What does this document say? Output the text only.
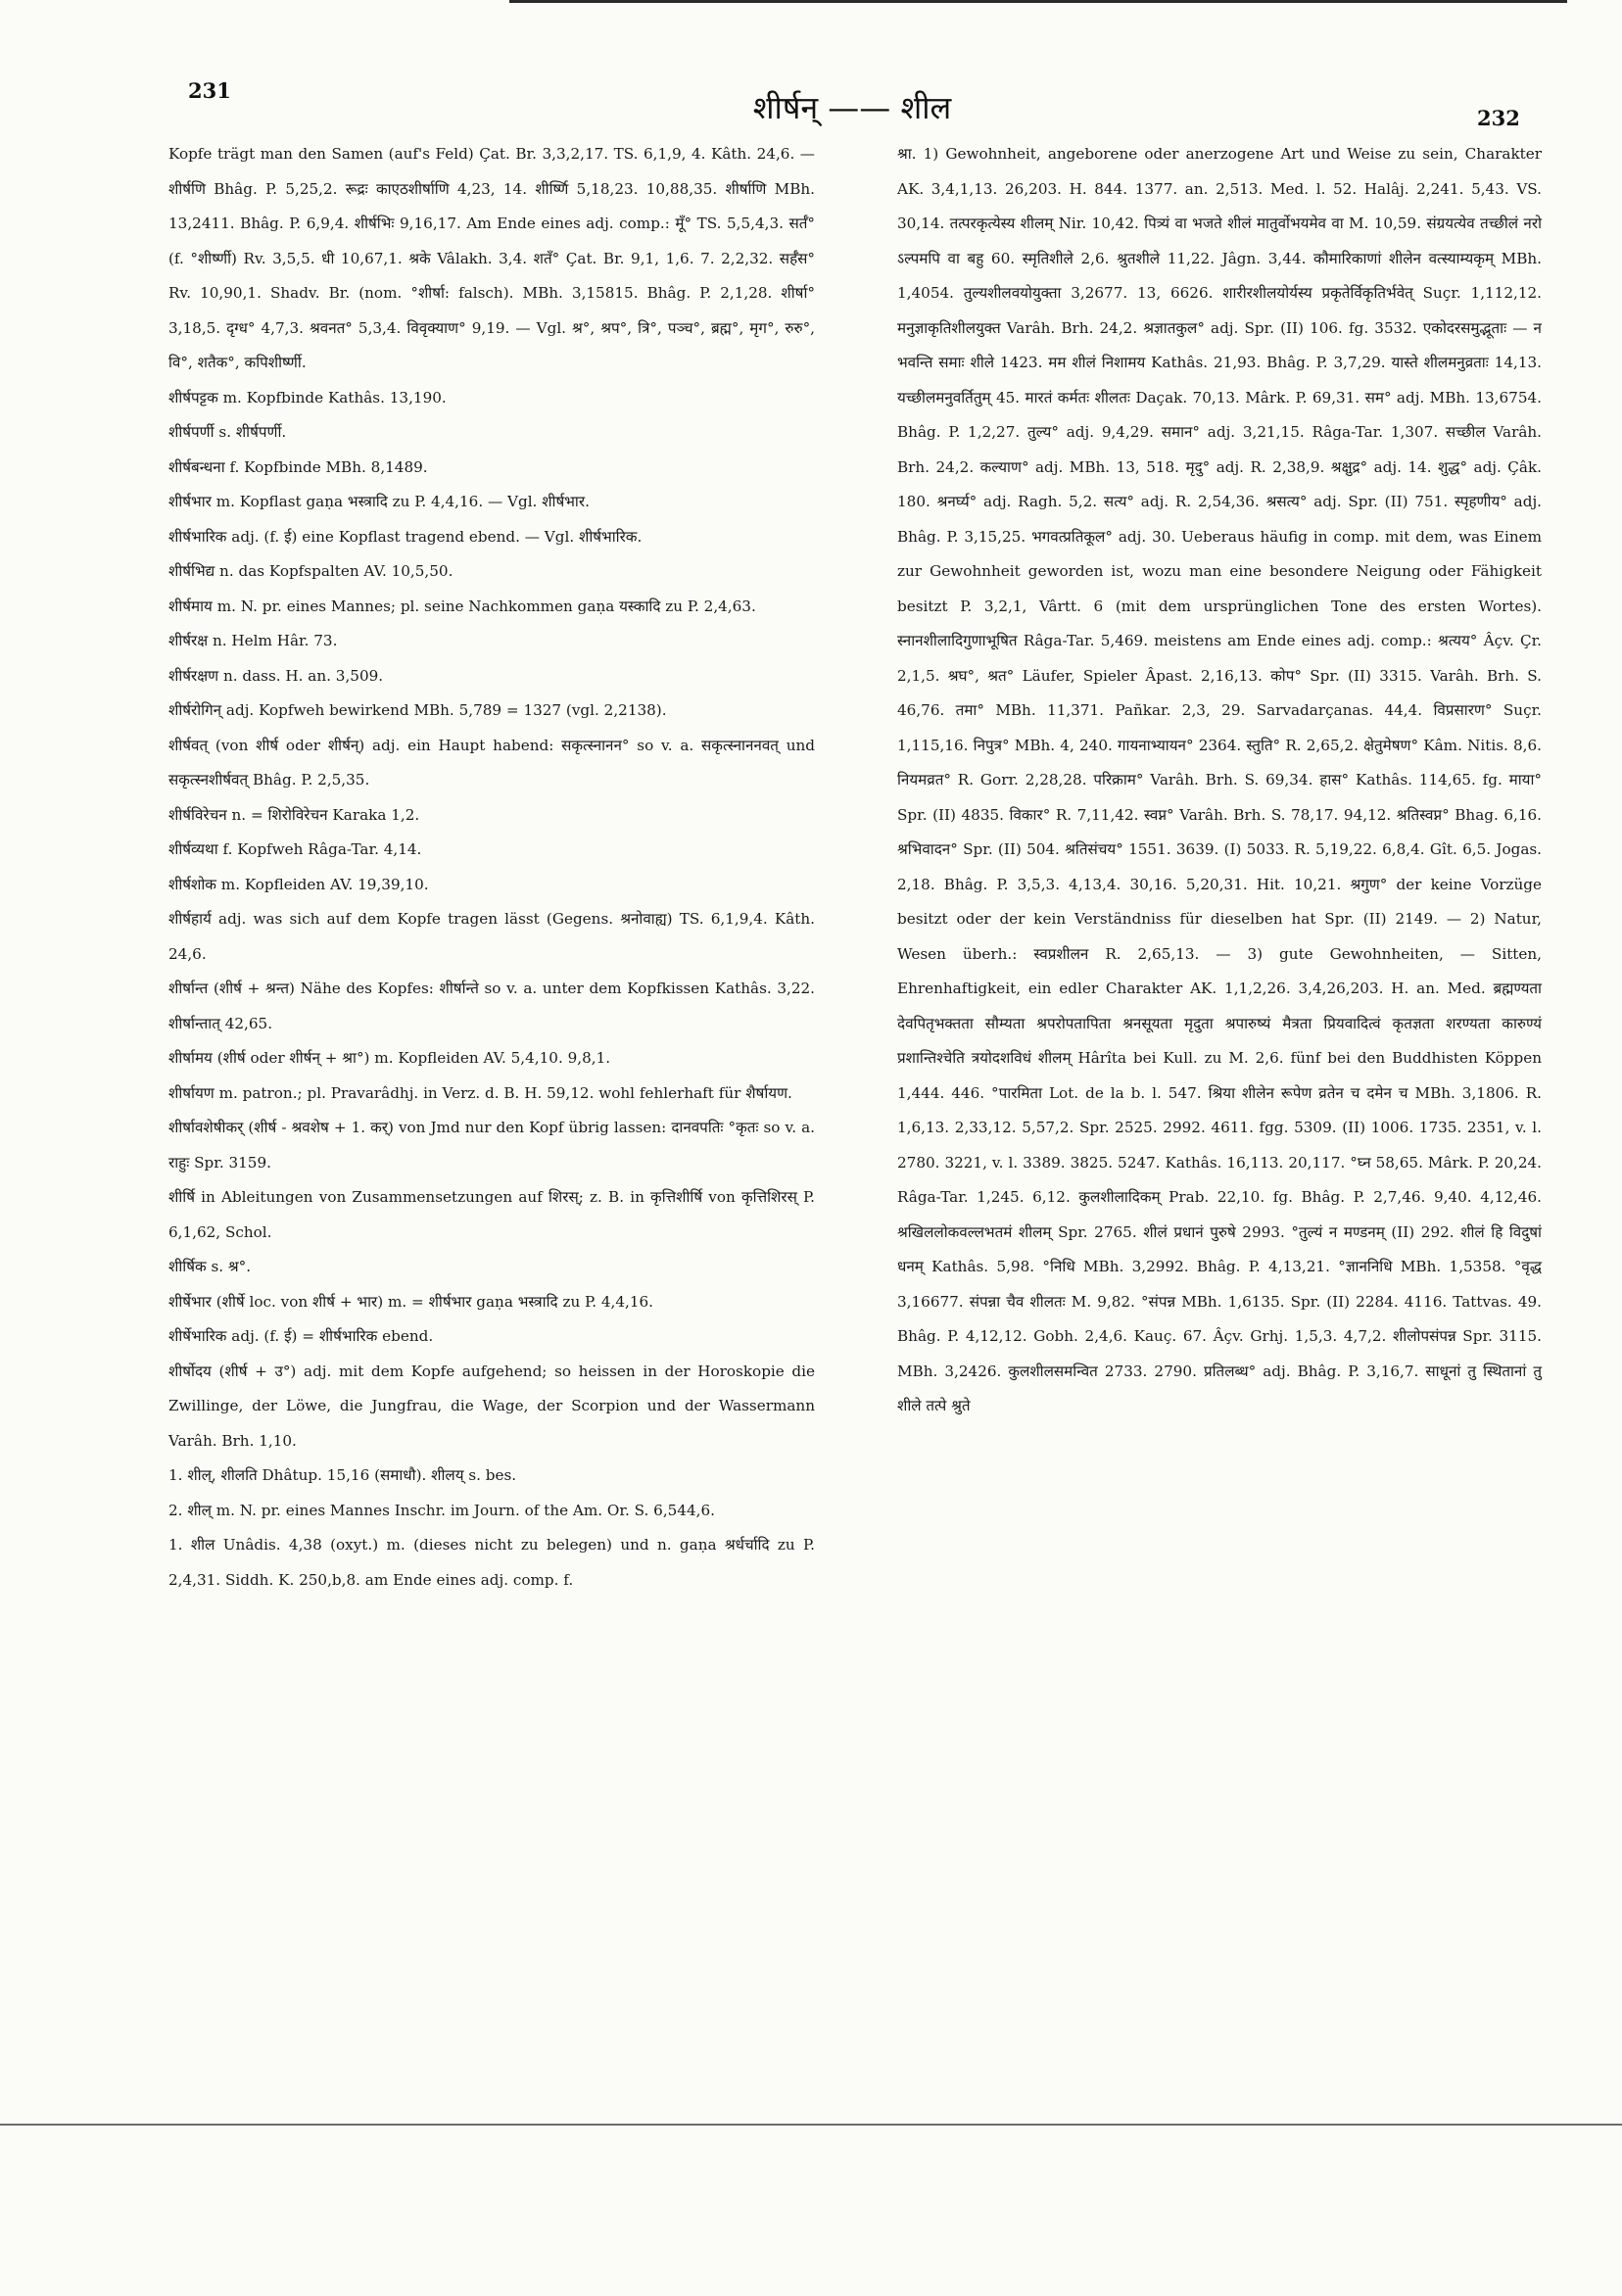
231	शीर्षन् —— शील	232

Kopfe trägt man den Samen (auf's Feld) Çat. Br. 3,3,2,17. TS. 6,1,9, 4. Kâth. 24,6. — शीर्षणि Bhâg. P. 5,25,2. रूद्रः काएठशीर्षाणि 4,23, 14. शीर्ष्णि 5,18,23. 10,88,35. शीर्षाणि MBh. 13,2411. Bhâg. P. 6,9,4. शीर्षभिः 9,16,17. Am Ende eines adj. comp.: मूँ° TS. 5,5,4,3. सर्तँ° (f. °शीर्ष्णी) Rv. 3,5,5. धी 10,67,1. श्रके Vâlakh. 3,4. शतँ° Çat. Br. 9,1, 1,6. 7. 2,2,32. सर्हँस° Rv. 10,90,1. Shadv. Br. (nom. °शीर्षा: falsch). MBh. 3,15815. Bhâg. P. 2,1,28. शीर्षा° 3,18,5. दृग्ध° 4,7,3. श्रवनत° 5,3,4. विवृक्याण° 9,19. — Vgl. श्र°, श्रप°, त्रि°, पञ्च°, ब्रह्म°, मृग°, रुरु°, वि°, शतैक°, कपिशीर्ष्णी.

शीर्षपट्टक m. Kopfbinde Kathâs. 13,190.

शीर्षपर्णी s. शीर्षपर्णी.

शीर्षबन्धना f. Kopfbinde MBh. 8,1489.

शीर्षभार m. Kopflast gaṇa भस्त्रादि zu P. 4,4,16. — Vgl. शीर्षभार.

शीर्षभारिक adj. (f. ई) eine Kopflast tragend ebend. — Vgl. शीर्षभारिक.

शीर्षभिद्य n. das Kopfspalten AV. 10,5,50.

शीर्षमाय m. N. pr. eines Mannes; pl. seine Nachkommen gaṇa यस्कादि zu P. 2,4,63.

शीर्षरक्ष n. Helm Hâr. 73.

शीर्षरक्षण n. dass. H. an. 3,509.

शीर्षरोगिन् adj. Kopfweh bewirkend MBh. 5,789 = 1327 (vgl. 2,2138).

शीर्षवत् (von शीर्ष oder शीर्षन्) adj. ein Haupt habend: सकृत्स्नानन° so v. a. सकृत्स्नाननवत् und सकृत्स्नशीर्षवत् Bhâg. P. 2,5,35.

शीर्षविरेचन n. = शिरोविरेचन Karaka 1,2.

शीर्षव्यथा f. Kopfweh Râga-Tar. 4,14.

शीर्षशोक m. Kopfleiden AV. 19,39,10.

शीर्षहार्य adj. was sich auf dem Kopfe tragen lässt (Gegens. श्रनोवाह्य) TS. 6,1,9,4. Kâth. 24,6.

शीर्षान्त (शीर्ष + श्रन्त) Nähe des Kopfes: शीर्षान्ते so v. a. unter dem Kopfkissen Kathâs. 3,22. शीर्षान्तात् 42,65.

शीर्षामय (शीर्ष oder शीर्षन् + श्रा°) m. Kopfleiden AV. 5,4,10. 9,8,1.

शीर्षायण m. patron.; pl. Pravarâdhj. in Verz. d. B. H. 59,12. wohl fehlerhaft für शैर्षायण.

शीर्षावशेषीकर् (शीर्ष - श्रवशेष + 1. कर्) von Jmd nur den Kopf übrig lassen: दानवपतिः °कृतः so v. a. राहुः Spr. 3159.

शीर्षि in Ableitungen von Zusammensetzungen auf शिरस्; z. B. in कृत्तिशीर्षि von कृत्तिशिरस् P. 6,1,62, Schol.

शीर्षिक s. श्र°.

शीर्षेभार (शीर्षे loc. von शीर्ष + भार) m. = शीर्षभार gaṇa भस्त्रादि zu P. 4,4,16.

शीर्षेभारिक adj. (f. ई) = शीर्षभारिक ebend.

शीर्षोदय (शीर्ष + उ°) adj. mit dem Kopfe aufgehend; so heissen in der Horoskopie die Zwillinge, der Löwe, die Jungfrau, die Wage, der Scorpion und der Wassermann Varâh. Brh. 1,10.

1. शील्, शीलति Dhâtup. 15,16 (समाधौ). शीलय् s. bes.

2. शील् m. N. pr. eines Mannes Inschr. im Journ. of the Am. Or. S. 6,544,6.

1. शील Unâdis. 4,38 (oxyt.) m. (dieses nicht zu belegen) und n. gaṇa श्रर्धर्चादि zu P. 2,4,31. Siddh. K. 250,b,8. am Ende eines adj. comp. f.

श्रा. 1) Gewohnheit, angeborene oder anerzogene Art und Weise zu sein, Charakter AK. 3,4,1,13. 26,203. H. 844. 1377. an. 2,513. Med. l. 52. Halâj. 2,241. 5,43. VS. 30,14. तत्परकृत्येस्य शीलम् Nir. 10,42. पित्र्यं वा भजते शीलं मातुर्वोभयमेव वा M. 10,59. संग्रयत्येव तच्छीलं नरो ऽल्पमपि वा बहु 60. स्मृतिशीले 2,6. श्रुतशीले 11,22. Jâgn. 3,44. कौमारिकाणां शीलेन वत्स्याम्यकृम् MBh. 1,4054. तुल्यशीलवयोयुक्ता 3,2677. 13, 6626. शारीरशीलयोर्यस्य प्रकृतेर्विकृतिर्भवेत् Suçr. 1,112,12. मनुज्ञाकृतिशीलयुक्त Varâh. Brh. 24,2. श्रज्ञातकुल° adj. Spr. (II) 106. fg. 3532. एकोदरसमुद्भूताः — न भवन्ति समाः शीले 1423. मम शीलं निशामय Kathâs. 21,93. Bhâg. P. 3,7,29. यास्ते शीलमनुव्रताः 14,13. यच्छीलमनुवर्तितुम् 45. मारतं कर्मतः शीलतः Daçak. 70,13. Mârk. P. 69,31. सम° adj. MBh. 13,6754. Bhâg. P. 1,2,27. तुल्य° adj. 9,4,29. समान° adj. 3,21,15. Râga-Tar. 1,307. सच्छील Varâh. Brh. 24,2. कल्याण° adj. MBh. 13, 518. मृदु° adj. R. 2,38,9. श्रक्षुद्र° adj. 14. शुद्ध° adj. Çâk. 180. श्रनर्घ्य° adj. Ragh. 5,2. सत्य° adj. R. 2,54,36. श्रसत्य° adj. Spr. (II) 751. स्पृहणीय° adj. Bhâg. P. 3,15,25. भगवत्प्रतिकूल° adj. 30. Ueberaus häufig in comp. mit dem, was Einem zur Gewohnheit geworden ist, wozu man eine besondere Neigung oder Fähigkeit besitzt P. 3,2,1, Vârtt. 6 (mit dem ursprünglichen Tone des ersten Wortes). स्नानशीलादिगुणाभूषित Râga-Tar. 5,469. meistens am Ende eines adj. comp.: श्रत्यय° Âçv. Çr. 2,1,5. श्रघ°, श्रत° Läufer, Spieler Âpast. 2,16,13. कोप° Spr. (II) 3315. Varâh. Brh. S. 46,76. तमा° MBh. 11,371. Pañkar. 2,3, 29. Sarvadarçanas. 44,4. विप्रसारण° Suçr. 1,115,16. निपुत्र° MBh. 4, 240. गायनाभ्यायन° 2364. स्तुति° R. 2,65,2. क्षेतुमेषण° Kâm. Nitis. 8,6. नियमव्रत° R. Gorr. 2,28,28. परिक्राम° Varâh. Brh. S. 69,34. हास° Kathâs. 114,65. fg. माया° Spr. (II) 4835. विकार° R. 7,11,42. स्वप्न° Varâh. Brh. S. 78,17. 94,12. श्रतिस्वप्न° Bhag. 6,16. श्रभिवादन° Spr. (II) 504. श्रतिसंचय° 1551. 3639. (I) 5033. R. 5,19,22. 6,8,4. Gît. 6,5. Jogas. 2,18. Bhâg. P. 3,5,3. 4,13,4. 30,16. 5,20,31. Hit. 10,21. श्रगुण° der keine Vorzüge besitzt oder der kein Verständniss für dieselben hat Spr. (II) 2149. — 2) Natur, Wesen überh.: स्वप्रशीलन R. 2,65,13. — 3) gute Gewohnheiten, — Sitten, Ehrenhaftigkeit, ein edler Charakter AK. 1,1,2,26. 3,4,26,203. H. an. Med. ब्रह्मण्यता देवपितृभक्तता सौम्यता श्रपरोपतापिता श्रनसूयता मृदुता श्रपारुष्यं मैत्रता प्रियवादित्वं कृतज्ञता शरण्यता कारुण्यं प्रशान्तिश्चेति त्रयोदशविधं शीलम् Hârîta bei Kull. zu M. 2,6. fünf bei den Buddhisten Köppen 1,444. 446. °पारमिता Lot. de la b. l. 547. श्रिया शीलेन रूपेण व्रतेन च दमेन च MBh. 3,1806. R. 1,6,13. 2,33,12. 5,57,2. Spr. 2525. 2992. 4611. fgg. 5309. (II) 1006. 1735. 2351, v. l. 2780. 3221, v. l. 3389. 3825. 5247. Kathâs. 16,113. 20,117. °घ्न 58,65. Mârk. P. 20,24. Râga-Tar. 1,245. 6,12. कुलशीलादिकम् Prab. 22,10. fg. Bhâg. P. 2,7,46. 9,40. 4,12,46. श्रखिललोकवल्लभतमं शीलम् Spr. 2765. शीलं प्रधानं पुरुषे 2993. °तुल्यं न मण्डनम् (II) 292. शीलं हि विदुषां धनम् Kathâs. 5,98. °निधि MBh. 3,2992. Bhâg. P. 4,13,21. °ज्ञाननिधि MBh. 1,5358. °वृद्ध 3,16677. संपन्ना चैव शीलतः M. 9,82. °संपन्न MBh. 1,6135. Spr. (II) 2284. 4116. Tattvas. 49. Bhâg. P. 4,12,12. Gobh. 2,4,6. Kauç. 67. Âçv. Grhj. 1,5,3. 4,7,2. शीलोपसंपन्न Spr. 3115. MBh. 3,2426. कुलशीलसमन्वित 2733. 2790. प्रतिलब्ध° adj. Bhâg. P. 3,16,7. साधूनां तु स्थितानां तु शीले तत्पे श्रुते
